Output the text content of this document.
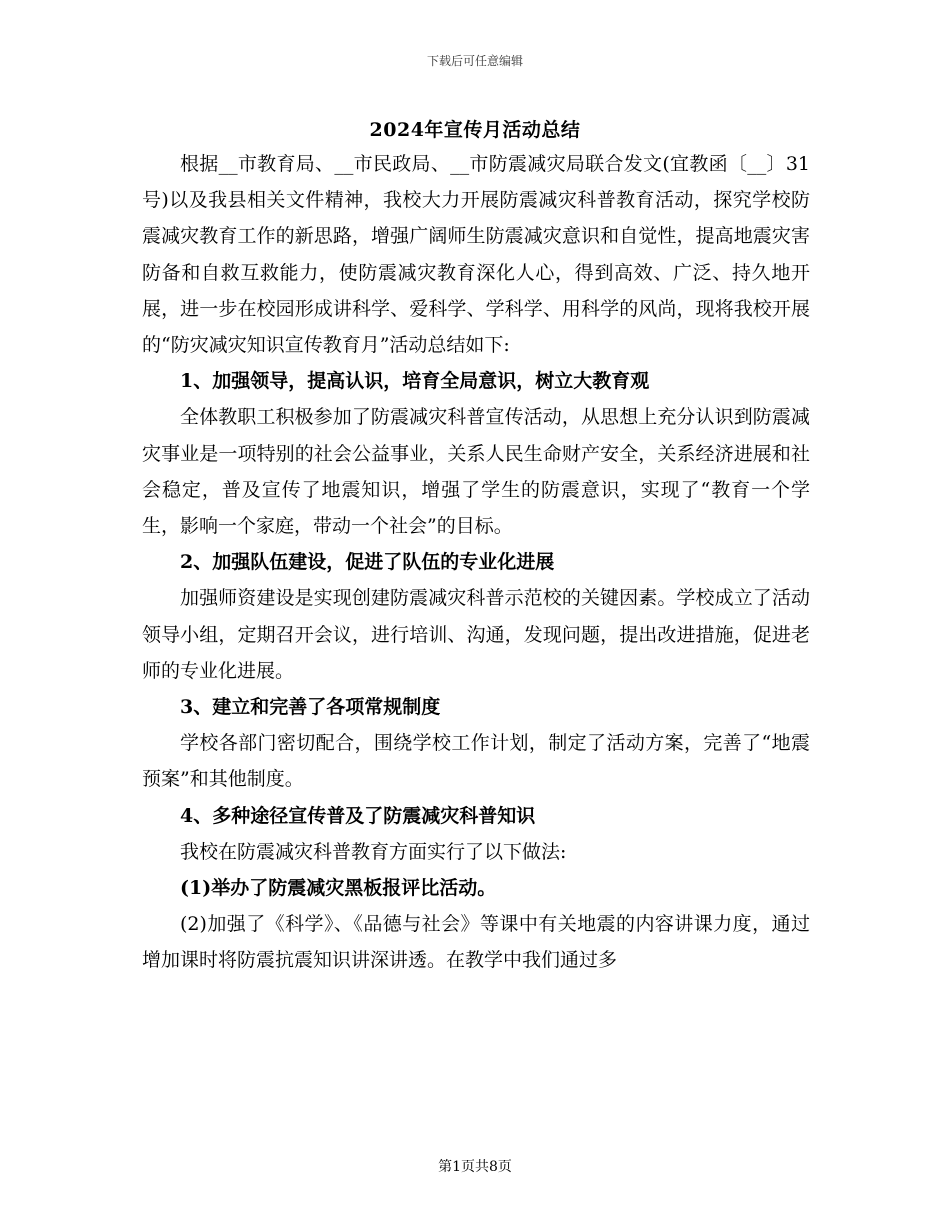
下载后可任意编辑
2024年宣传月活动总结

根据__市教育局、__市民政局、__市防震减灾局联合发文(宜教函〔__〕31号)以及我县相关文件精神，我校大力开展防震减灾科普教育活动，探究学校防震减灾教育工作的新思路，增强广阔师生防震减灾意识和自觉性，提高地震灾害防备和自救互救能力，使防震减灾教育深化人心，得到高效、广泛、持久地开展，进一步在校园形成讲科学、爱科学、学科学、用科学的风尚，现将我校开展的“防灾减灾知识宣传教育月”活动总结如下:

1、加强领导，提高认识，培育全局意识，树立大教育观

全体教职工积极参加了防震减灾科普宣传活动，从思想上充分认识到防震减灾事业是一项特别的社会公益事业，关系人民生命财产安全，关系经济进展和社会稳定，普及宣传了地震知识，增强了学生的防震意识，实现了“教育一个学生，影响一个家庭，带动一个社会”的目标。

2、加强队伍建设，促进了队伍的专业化进展

加强师资建设是实现创建防震减灾科普示范校的关键因素。学校成立了活动领导小组，定期召开会议，进行培训、沟通，发现问题，提出改进措施，促进老师的专业化进展。

3、建立和完善了各项常规制度

学校各部门密切配合，围绕学校工作计划，制定了活动方案，完善了“地震预案”和其他制度。

4、多种途径宣传普及了防震减灾科普知识

我校在防震减灾科普教育方面实行了以下做法:

(1)举办了防震减灾黑板报评比活动。

(2)加强了《科学》、《品德与社会》等课中有关地震的内容讲课力度，通过增加课时将防震抗震知识讲深讲透。在教学中我们通过多

第1页共8页
